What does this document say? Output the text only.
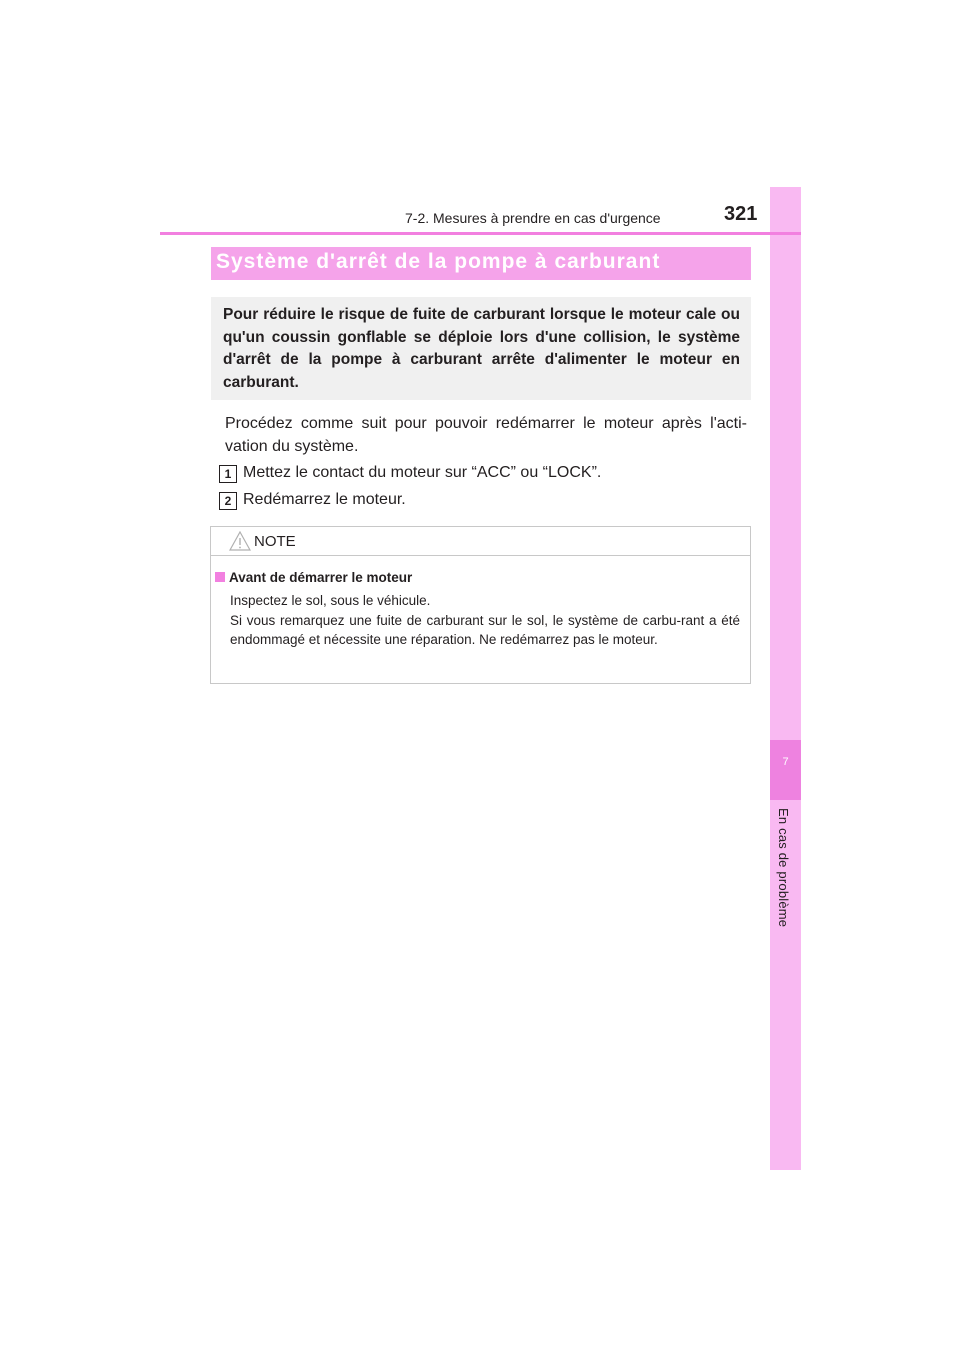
7
En cas de problème
7-2. Mesures à prendre en cas d'urgence	321
Système d'arrêt de la pompe à carburant
Pour réduire le risque de fuite de carburant lorsque le moteur cale ou qu'un coussin gonflable se déploie lors d'une collision, le système d'arrêt de la pompe à carburant arrête d'alimenter le moteur en carburant.
Procédez comme suit pour pouvoir redémarrer le moteur après l'acti-vation du système.
1 Mettez le contact du moteur sur “ACC” ou “LOCK”.
2 Redémarrez le moteur.
NOTE
Avant de démarrer le moteur
Inspectez le sol, sous le véhicule.
Si vous remarquez une fuite de carburant sur le sol, le système de carbu-rant a été endommagé et nécessite une réparation. Ne redémarrez pas le moteur.
